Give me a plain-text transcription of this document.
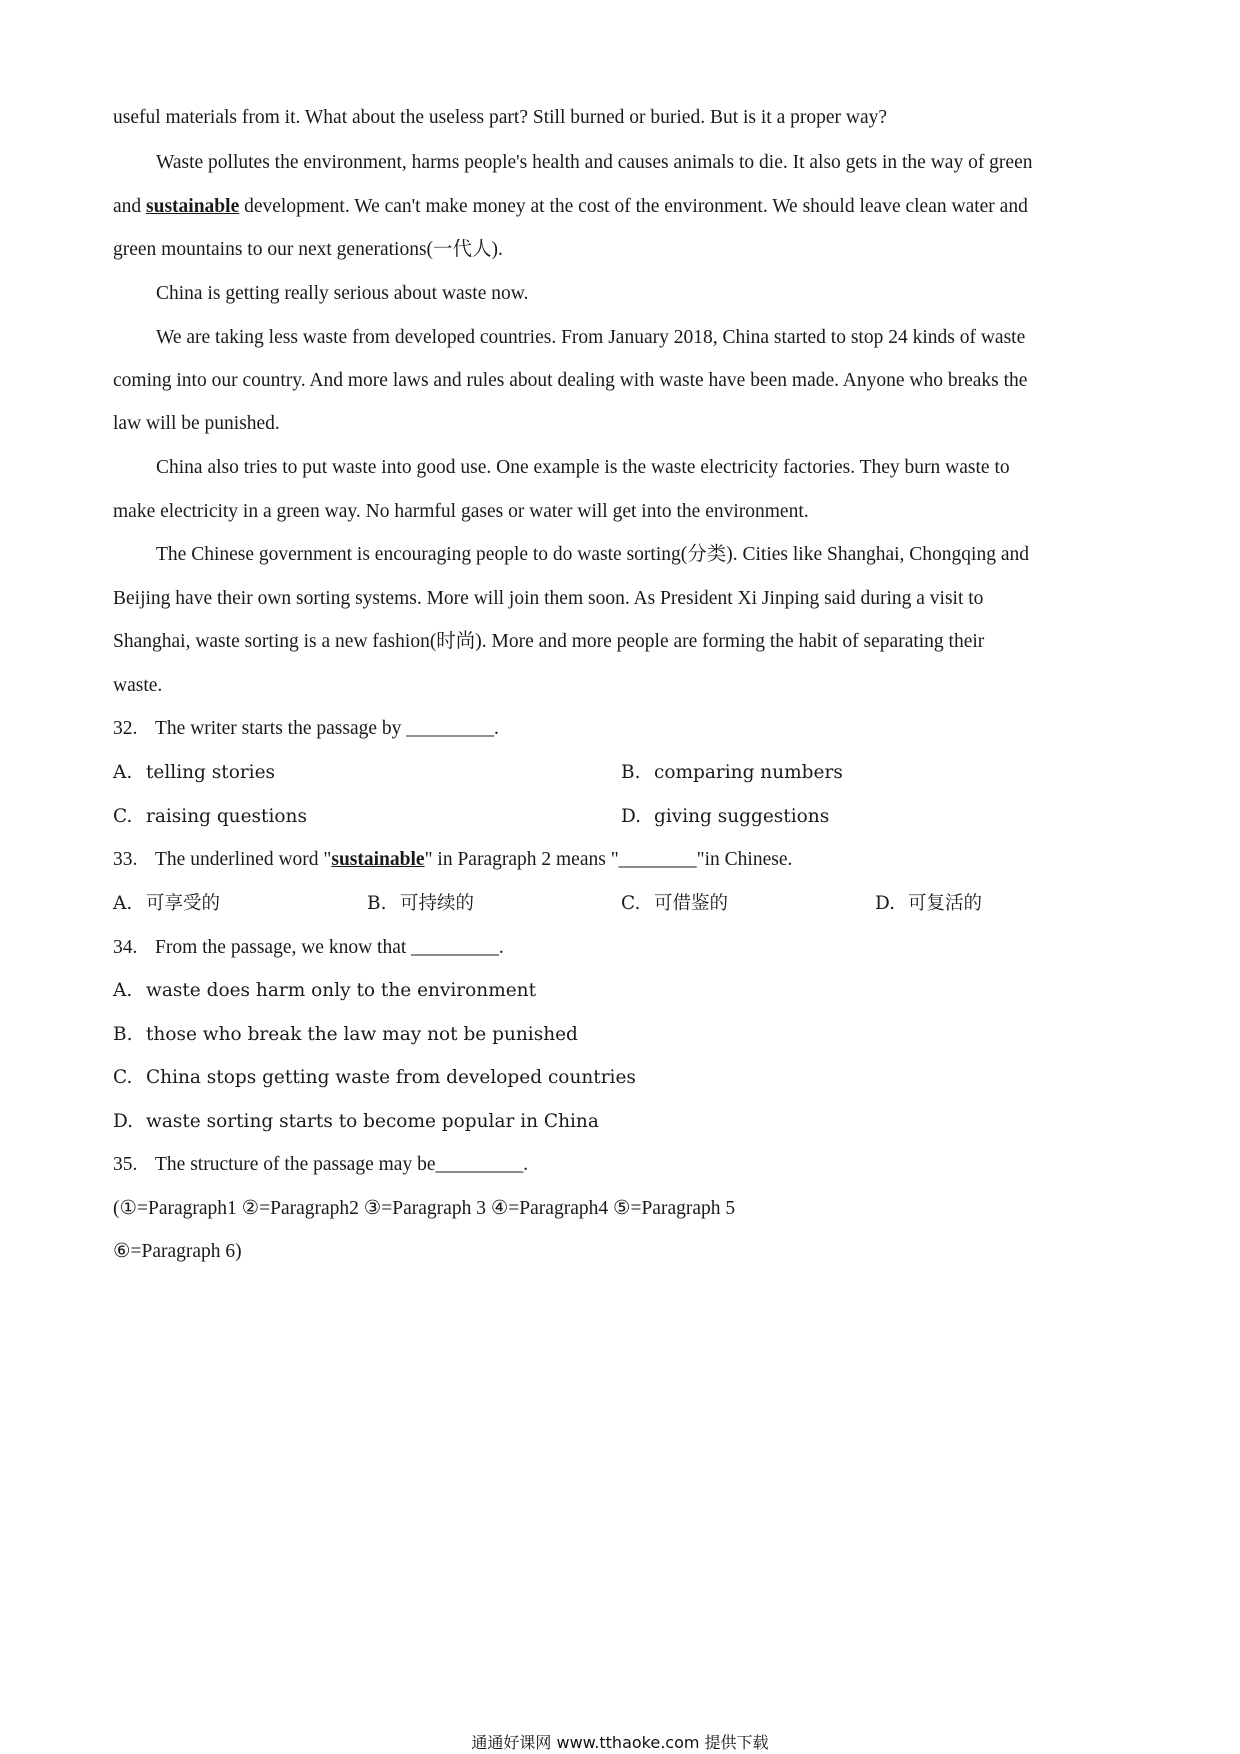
useful materials from it. What about the useless part? Still burned or buried. But is it a proper way?
Waste pollutes the environment, harms people's health and causes animals to die. It also gets in the way of green
and sustainable development. We can't make money at the cost of the environment. We should leave clean water and
green mountains to our next generations(一代人).
China is getting really serious about waste now.
We are taking less waste from developed countries. From January 2018, China started to stop 24 kinds of waste
coming into our country. And more laws and rules about dealing with waste have been made. Anyone who breaks the
law will be punished.
China also tries to put waste into good use. One example is the waste electricity factories. They burn waste to
make electricity in a green way. No harmful gases or water will get into the environment.
The Chinese government is encouraging people to do waste sorting(分类). Cities like Shanghai, Chongqing and
Beijing have their own sorting systems. More will join them soon. As President Xi Jinping said during a visit to
Shanghai, waste sorting is a new fashion(时尚). More and more people are forming the habit of separating their
waste.
32. The writer starts the passage by _________.
A. telling stories	B. comparing numbers
C. raising questions	D. giving suggestions
33. The underlined word "sustainable" in Paragraph 2 means "________"in Chinese.
A. 可享受的	B. 可持续的	C. 可借鉴的	D. 可复活的
34. From the passage, we know that _________.
A. waste does harm only to the environment
B. those who break the law may not be punished
C. China stops getting waste from developed countries
D. waste sorting starts to become popular in China
35. The structure of the passage may be_________.
(①=Paragraph1 ②=Paragraph2 ③=Paragraph 3 ④=Paragraph4 ⑤=Paragraph 5
⑥=Paragraph 6)
通通好课网 www.tthaoke.com 提供下载
